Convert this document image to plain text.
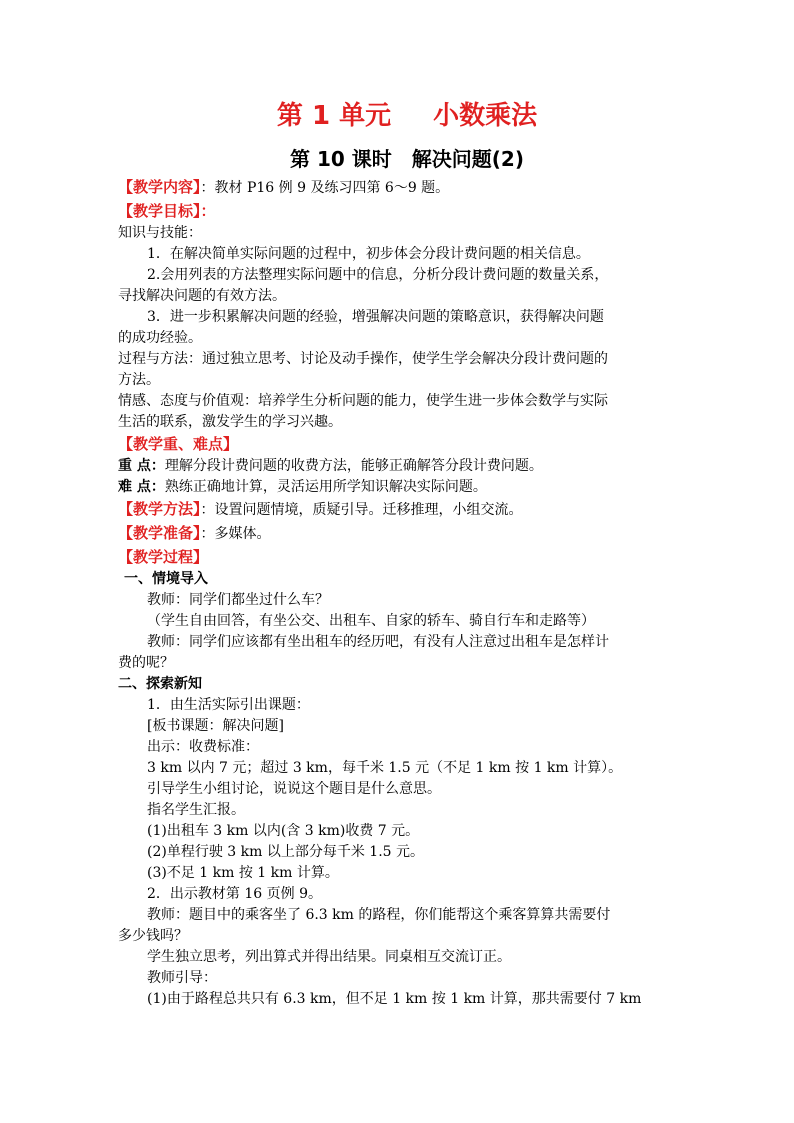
第 1 单元 小数乘法
第 10 课时 解决问题(2)
【教学内容】：教材 P16 例 9 及练习四第 6～9 题。
【教学目标】：
知识与技能：
1．在解决简单实际问题的过程中，初步体会分段计费问题的相关信息。
2.会用列表的方法整理实际问题中的信息，分析分段计费问题的数量关系，
寻找解决问题的有效方法。
3．进一步积累解决问题的经验，增强解决问题的策略意识，获得解决问题
的成功经验。
过程与方法：通过独立思考、讨论及动手操作，使学生学会解决分段计费问题的
方法。
情感、态度与价值观：培养学生分析问题的能力，使学生进一步体会数学与实际
生活的联系，激发学生的学习兴趣。
【教学重、难点】
重 点：理解分段计费问题的收费方法，能够正确解答分段计费问题。
难 点：熟练正确地计算，灵活运用所学知识解决实际问题。
【教学方法】：设置问题情境，质疑引导。迁移推理，小组交流。
【教学准备】：多媒体。
【教学过程】
一、情境导入
教师：同学们都坐过什么车？
（学生自由回答，有坐公交、出租车、自家的轿车、骑自行车和走路等）
教师：同学们应该都有坐出租车的经历吧，有没有人注意过出租车是怎样计
费的呢？
二、探索新知
1．由生活实际引出课题：
[板书课题：解决问题]
出示：收费标准：
3 km 以内 7 元；超过 3 km，每千米 1.5 元（不足 1 km 按 1 km 计算）。
引导学生小组讨论，说说这个题目是什么意思。
指名学生汇报。
(1)出租车 3 km 以内(含 3 km)收费 7 元。
(2)单程行驶 3 km 以上部分每千米 1.5 元。
(3)不足 1 km 按 1 km 计算。
2．出示教材第 16 页例 9。
教师：题目中的乘客坐了 6.3 km 的路程，你们能帮这个乘客算算共需要付
多少钱吗？
学生独立思考，列出算式并得出结果。同桌相互交流订正。
教师引导：
(1)由于路程总共只有 6.3 km，但不足 1 km 按 1 km 计算，那共需要付 7 km
